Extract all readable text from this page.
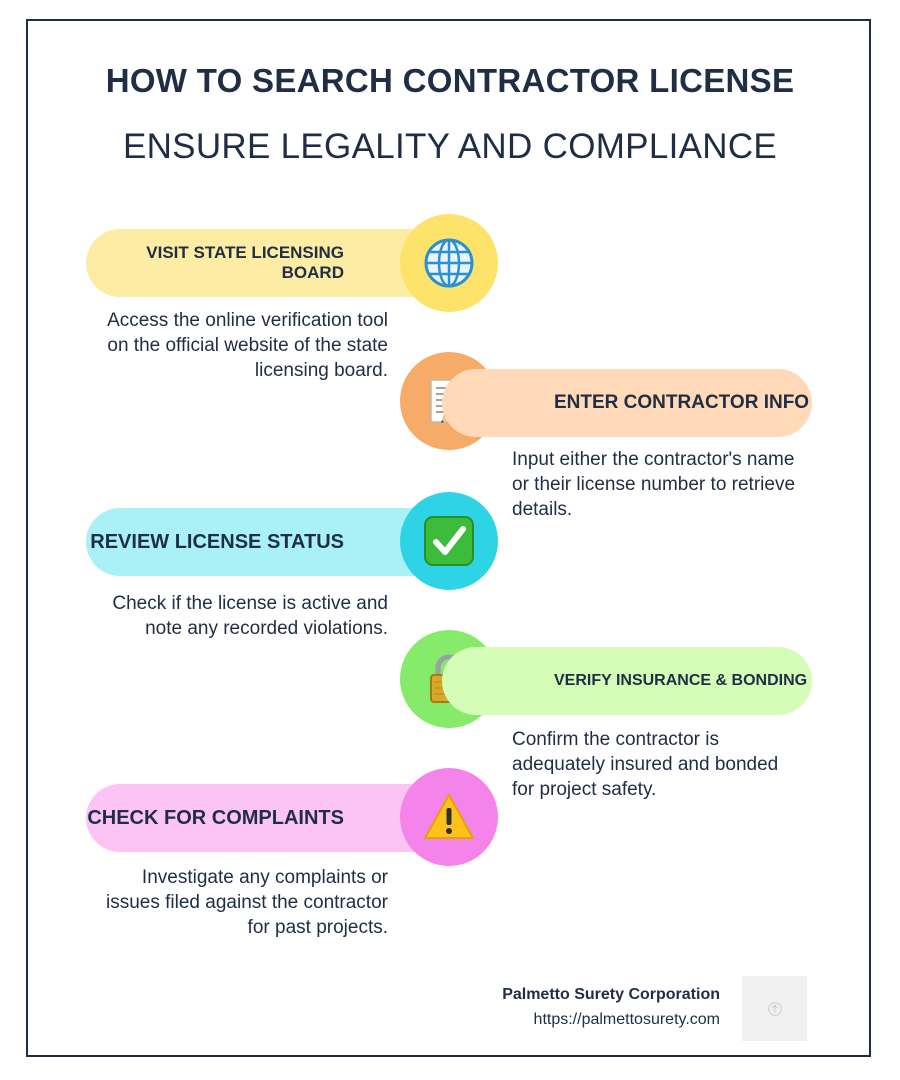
HOW TO SEARCH CONTRACTOR LICENSE
ENSURE LEGALITY AND COMPLIANCE
VISIT STATE LICENSING BOARD
Access the online verification tool on the official website of the state licensing board.
ENTER CONTRACTOR INFO
Input either the contractor's name or their license number to retrieve details.
REVIEW LICENSE STATUS
Check if the license is active and note any recorded violations.
VERIFY INSURANCE & BONDING
Confirm the contractor is adequately insured and bonded for project safety.
CHECK FOR COMPLAINTS
Investigate any complaints or issues filed against the contractor for past projects.
Palmetto Surety Corporation
https://palmettosurety.com
